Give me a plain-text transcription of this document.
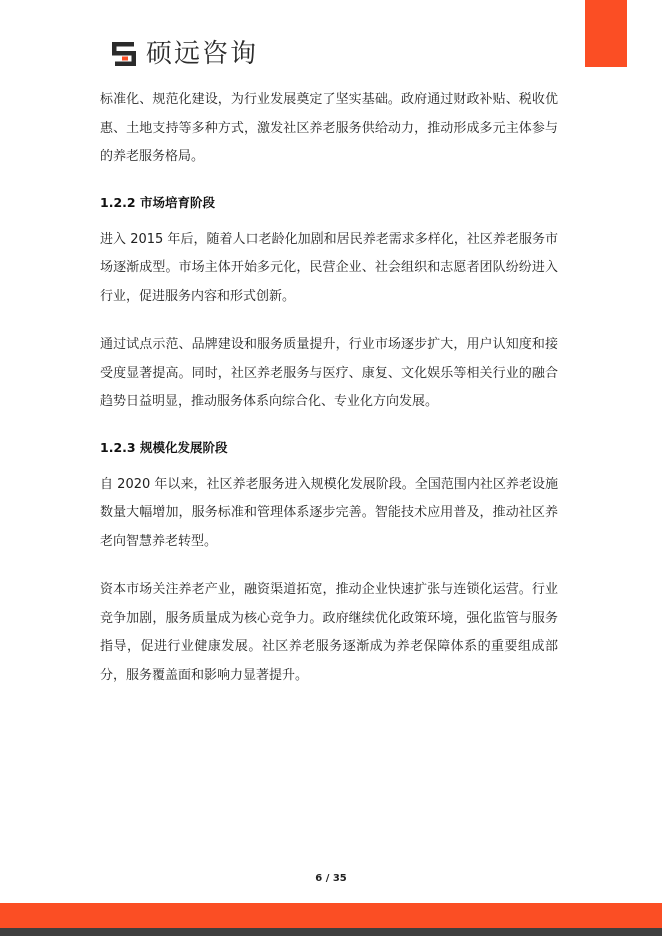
硕远咨询

标准化、规范化建设，为行业发展奠定了坚实基础。政府通过财政补贴、税收优惠、土地支持等多种方式，激发社区养老服务供给动力，推动形成多元主体参与的养老服务格局。

1.2.2 市场培育阶段

进入 2015 年后，随着人口老龄化加剧和居民养老需求多样化，社区养老服务市场逐渐成型。市场主体开始多元化，民营企业、社会组织和志愿者团队纷纷进入行业，促进服务内容和形式创新。

通过试点示范、品牌建设和服务质量提升，行业市场逐步扩大，用户认知度和接受度显著提高。同时，社区养老服务与医疗、康复、文化娱乐等相关行业的融合趋势日益明显，推动服务体系向综合化、专业化方向发展。

1.2.3 规模化发展阶段

自 2020 年以来，社区养老服务进入规模化发展阶段。全国范围内社区养老设施数量大幅增加，服务标准和管理体系逐步完善。智能技术应用普及，推动社区养老向智慧养老转型。

资本市场关注养老产业，融资渠道拓宽，推动企业快速扩张与连锁化运营。行业竞争加剧，服务质量成为核心竞争力。政府继续优化政策环境，强化监管与服务指导，促进行业健康发展。社区养老服务逐渐成为养老保障体系的重要组成部分，服务覆盖面和影响力显著提升。

6 / 35
